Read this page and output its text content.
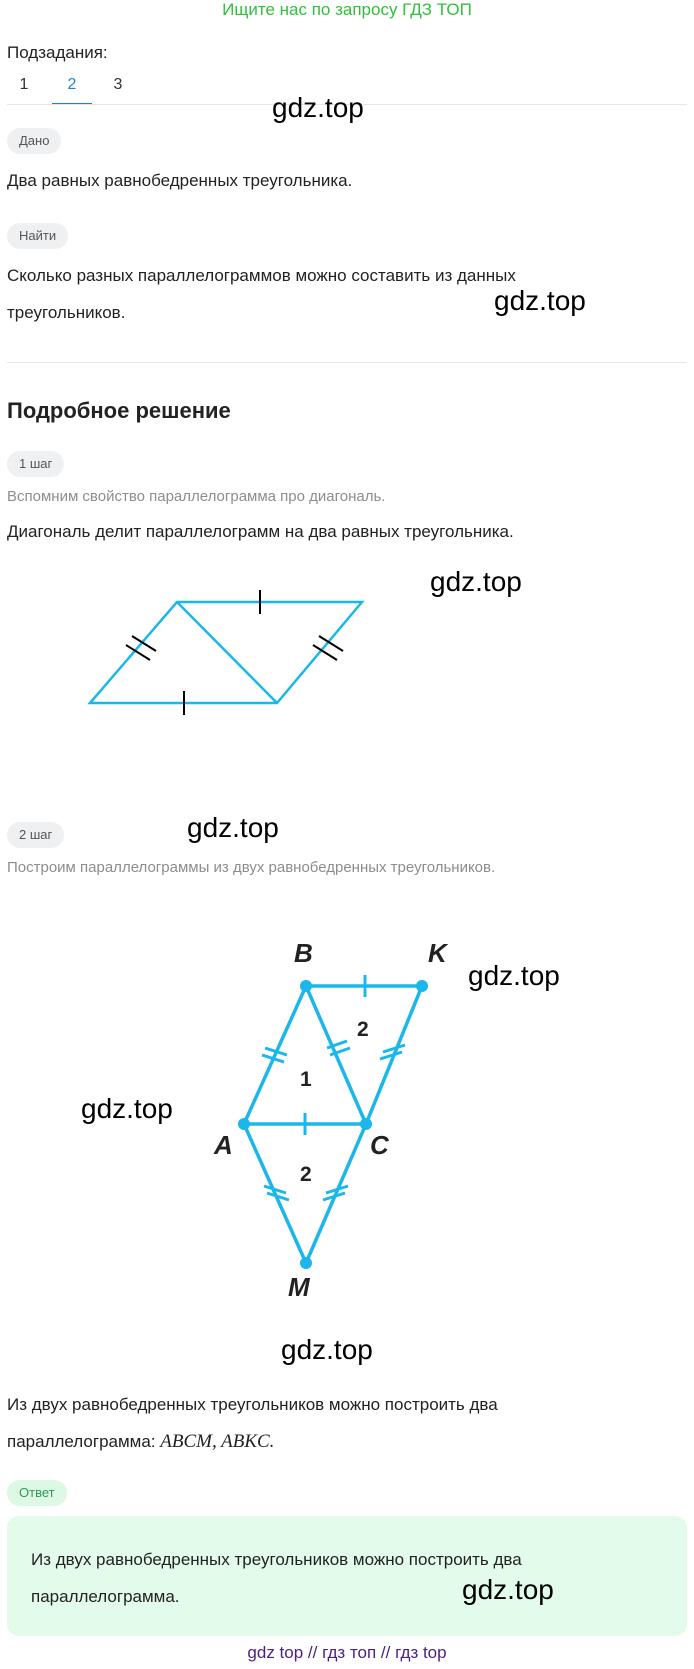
Ищите нас по запросу ГДЗ ТОП
Подзадания:
1	2	3
gdz.top
Дано
Два равных равнобедренных треугольника.
Найти
Сколько разных параллелограммов можно составить из данных
треугольников.	gdz.top
Подробное решение
1 шаг
Вспомним свойство параллелограмма про диагональ.
Диагональ делит параллелограмм на два равных треугольника.
gdz.top
gdz.top
2 шаг
Построим параллелограммы из двух равнобедренных треугольников.
B	K
A	C
M
1
2
2
gdz.top
gdz.top
gdz.top
Из двух равнобедренных треугольников можно построить два
параллелограмма: ABCM, ABKC.
Ответ
Из двух равнобедренных треугольников можно построить два
параллелограмма.	gdz.top
gdz top // гдз топ // гдз top
